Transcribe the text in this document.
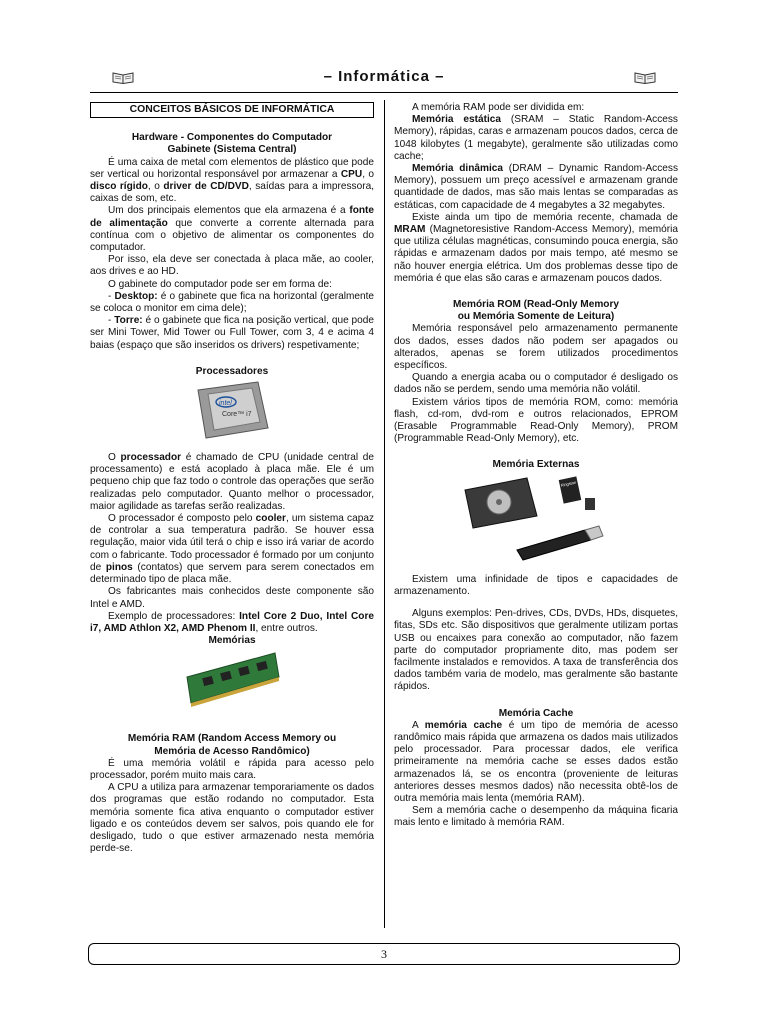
– Informática –
CONCEITOS BÁSICOS DE INFORMÁTICA

Hardware - Componentes do Computador

Gabinete (Sistema Central)

É uma caixa de metal com elementos de plástico que pode ser vertical ou horizontal responsável por armazenar a CPU, o disco rígido, o driver de CD/DVD, saídas para a impressora, caixas de som, etc.

Um dos principais elementos que ela armazena é a fonte de alimentação que converte a corrente alternada para contínua com o objetivo de alimentar os componentes do computador.

Por isso, ela deve ser conectada à placa mãe, ao cooler, aos drives e ao HD.

O gabinete do computador pode ser em forma de:

- Desktop: é o gabinete que fica na horizontal (geralmente se coloca o monitor em cima dele);

- Torre: é o gabinete que fica na posição vertical, que pode ser Mini Tower, Mid Tower ou Full Tower, com 3, 4 e acima 4 baias (espaço que são inseridos os drivers) respetivamente;

Processadores

intel
Core™ i7

O processador é chamado de CPU (unidade central de processamento) e está acoplado à placa mãe. Ele é um pequeno chip que faz todo o controle das operações que serão realizadas pelo computador. Quanto melhor o processador, maior agilidade as tarefas serão realizadas.

O processador é composto pelo cooler, um sistema capaz de controlar a sua temperatura padrão. Se houver essa regulação, maior vida útil terá o chip e isso irá variar de acordo com o fabricante. Todo processador é formado por um conjunto de pinos (contatos) que servem para serem conectados em determinado tipo de placa mãe.

Os fabricantes mais conhecidos deste componente são Intel e AMD.

Exemplo de processadores: Intel Core 2 Duo, Intel Core i7, AMD Athlon X2, AMD Phenom II, entre outros.

Memórias

Memória RAM (Random Access Memory ou

Memória de Acesso Randômico)

É uma memória volátil e rápida para acesso pelo processador, porém muito mais cara.

A CPU a utiliza para armazenar temporariamente os dados dos programas que estão rodando no computador. Esta memória somente fica ativa enquanto o computador estiver ligado e os conteúdos devem ser salvos, pois quando ele for desligado, tudo o que estiver armazenado nesta memória perde-se.

A memória RAM pode ser dividida em:

Memória estática (SRAM – Static Random-Access Memory), rápidas, caras e armazenam poucos dados, cerca de 1048 kilobytes (1 megabyte), geralmente são utilizadas como cache;

Memória dinâmica (DRAM – Dynamic Random-Access Memory), possuem um preço acessível e armazenam grande quantidade de dados, mas são mais lentas se comparadas as estáticas, com capacidade de 4 megabytes a 32 megabytes.

Existe ainda um tipo de memória recente, chamada de MRAM (Magnetoresistive Random-Access Memory), memória que utiliza células magnéticas, consumindo pouca energia, são rápidas e armazenam dados por mais tempo, até mesmo se não houver energia elétrica. Um dos problemas desse tipo de memória é que elas são caras e armazenam poucos dados.

Memória ROM (Read-Only Memory

ou Memória Somente de Leitura)

Memória responsável pelo armazenamento permanente dos dados, esses dados não podem ser apagados ou alterados, apenas se forem utilizados procedimentos específicos.

Quando a energia acaba ou o computador é desligado os dados não se perdem, sendo uma memória não volátil.

Existem vários tipos de memória ROM, como: memória flash, cd-rom, dvd-rom e outros relacionados, EPROM (Erasable Programmable Read-Only Memory), PROM (Programmable Read-Only Memory), etc.

Memória Externas

Kingston

Existem uma infinidade de tipos e capacidades de armazenamento.

Alguns exemplos: Pen-drives, CDs, DVDs, HDs, disquetes, fitas, SDs etc. São dispositivos que geralmente utilizam portas USB ou encaixes para conexão ao computador, não fazem parte do computador propriamente dito, mas podem ser facilmente instalados e removidos. A taxa de transferência dos dados também varia de modelo, mas geralmente são bastante rápidos.

Memória Cache

A memória cache é um tipo de memória de acesso randômico mais rápida que armazena os dados mais utilizados pelo processador. Para processar dados, ele verifica primeiramente na memória cache se esses dados estão armazenados lá, se os encontra (proveniente de leituras anteriores desses mesmos dados) não necessita obtê-los de outra memória mais lenta (memória RAM).

Sem a memória cache o desempenho da máquina ficaria mais lento e limitado à memória RAM.

3
